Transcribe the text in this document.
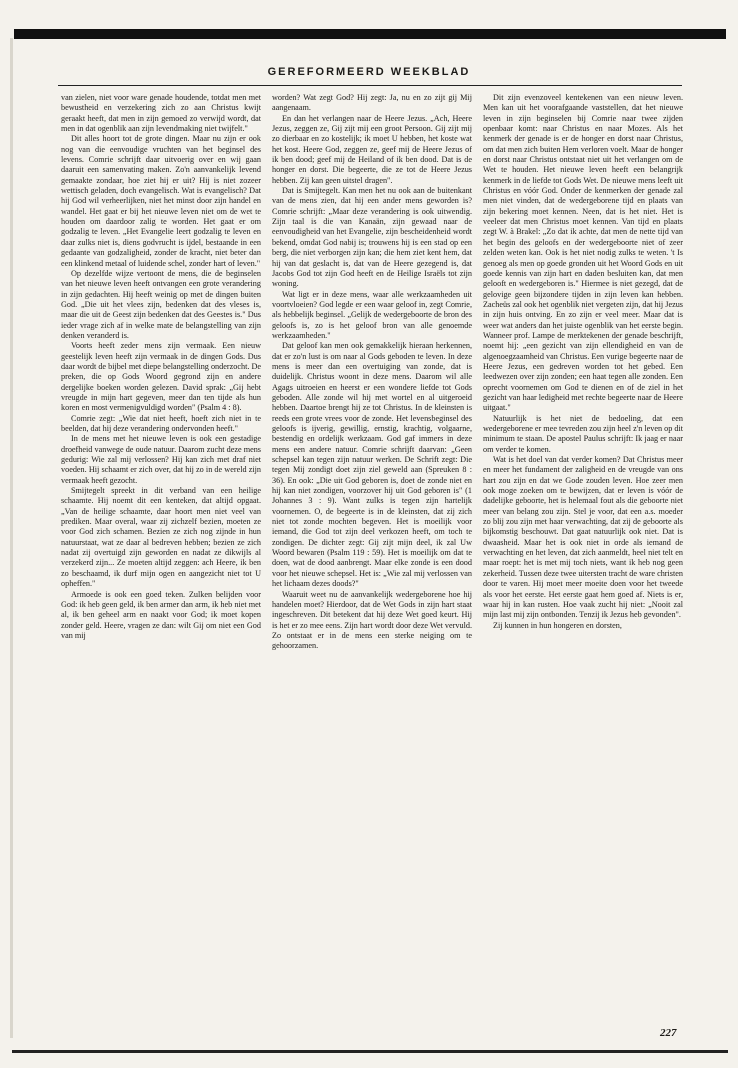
GEREFORMEERD WEEKBLAD

van zielen, niet voor ware genade houdende, totdat men met bewustheid en verzekering zich zo aan Christus kwijt geraakt heeft, dat men in zijn gemoed zo verwijd wordt, dat men in dat ogenblik aan zijn levendmaking niet twijfelt."

Dit alles hoort tot de grote dingen. Maar nu zijn er ook nog van die eenvoudige vruchten van het beginsel des levens. Comrie schrijft daar uitvoerig over en wij gaan daaruit een samenvating maken. Zo'n aanvankelijk levend gemaakte zondaar, hoe ziet hij er uit? Hij is niet zozeer wettisch geladen, doch evangelisch. Wat is evangelisch? Dat hij God wil verheerlijken, niet het minst door zijn handel en wandel. Het gaat er bij het nieuwe leven niet om de wet te houden om daardoor zalig te worden. Het gaat er om godzalig te leven. „Het Evangelie leert godzalig te leven en daar zulks niet is, diens godvrucht is ijdel, bestaande in een gedaante van godzaligheid, zonder de kracht, niet beter dan een klinkend metaal of luidende schel, zonder hart of leven."

Op dezelfde wijze vertoont de mens, die de beginselen van het nieuwe leven heeft ontvangen een grote verandering in zijn gedachten. Hij heeft weinig op met de dingen buiten God. „Die uit het vlees zijn, bedenken dat des vleses is, maar die uit de Geest zijn bedenken dat des Geestes is." Dus ieder vrage zich af in welke mate de belangstelling van zijn denken veranderd is.

Voorts heeft zeder mens zijn vermaak. Een nieuw geestelijk leven heeft zijn vermaak in de dingen Gods. Dus daar wordt de bijbel met diepe belangstelling onderzocht. De preken, die op Gods Woord gegrond zijn en andere dergelijke boeken worden gelezen. David sprak: „Gij hebt vreugde in mijn hart gegeven, meer dan ten tijde als hun koren en most vermenigvuldigd worden" (Psalm 4 : 8).

Comrie zegt: „Wie dat niet heeft, hoeft zich niet in te beelden, dat hij deze verandering ondervonden heeft."

In de mens met het nieuwe leven is ook een gestadige droefheid vanwege de oude natuur. Daarom zucht deze mens gedurig: Wie zal mij verlossen? Hij kan zich met draf niet voeden. Hij schaamt er zich over, dat hij zo in de wereld zijn vermaak heeft gezocht.

Smijtegelt spreekt in dit verband van een heilige schaamte. Hij noemt dit een kenteken, dat altijd opgaat. „Van de heilige schaamte, daar hoort men niet veel van prediken. Maar overal, waar zij zichzelf bezien, moeten ze voor God zich schamen. Bezien ze zich nog zijnde in hun natuurstaat, wat ze daar al bedreven hebben; bezien ze zich nadat zij overtuigd zijn geworden en nadat ze dikwijls al verzekerd zijn... Ze moeten altijd zeggen: ach Heere, ik ben zo beschaamd, ik durf mijn ogen en aangezicht niet tot U opheffen."

Armoede is ook een goed teken. Zulken belijden voor God: ik heb geen geld, ik ben armer dan arm, ik heb niet met al, ik ben geheel arm en naakt voor God; ik moet kopen zonder geld. Heere, vragen ze dan: wilt Gij om niet een God van mij

worden? Wat zegt God? Hij zegt: Ja, nu en zo zijt gij Mij aangenaam.

En dan het verlangen naar de Heere Jezus. „Ach, Heere Jezus, zeggen ze, Gij zijt mij een groot Persoon. Gij zijt mij zo dierbaar en zo kostelijk; ik moet U hebben, het koste wat het kost. Heere God, zeggen ze, geef mij de Heere Jezus of ik ben dood; geef mij de Heiland of ik ben dood. Dat is de honger en dorst. Die begeerte, die ze tot de Heere Jezus hebben. Zij kan geen uitstel dragen".

Dat is Smijtegelt. Kan men het nu ook aan de buitenkant van de mens zien, dat hij een ander mens geworden is? Comrie schrijft: „Maar deze verandering is ook uitwendig. Zijn taal is die van Kanaän, zijn gewaad naar de eenvoudigheid van het Evangelie, zijn bescheidenheid wordt bekend, omdat God nabij is; trouwens hij is een stad op een berg, die niet verborgen zijn kan; die hem ziet kent hem, dat hij van dat geslacht is, dat van de Heere gezegend is, dat Jacobs God tot zijn God heeft en de Heilige Israëls tot zijn woning.

Wat ligt er in deze mens, waar alle werkzaamheden uit voortvloeien? God legde er een waar geloof in, zegt Comrie, als hebbelijk beginsel. „Gelijk de wedergeboorte de bron des geloofs is, zo is het geloof bron van alle genoemde werkzaamheden."

Dat geloof kan men ook gemakkelijk hieraan herkennen, dat er zo'n lust is om naar al Gods geboden te leven. In deze mens is meer dan een overtuiging van zonde, dat is duidelijk. Christus woont in deze mens. Daarom wil alle Agags uitroeien en heerst er een wondere liefde tot Gods geboden. Alle zonde wil hij met wortel en al uitgeroeid hebben. Daartoe brengt hij ze tot Christus. In de kleinsten is reeds een grote vrees voor de zonde. Het levensbeginsel des geloofs is ijverig, gewillig, ernstig, krachtig, volgaarne, bestendig en ordelijk werkzaam. God gaf immers in deze mens een andere natuur. Comrie schrijft daarvan: „Geen schepsel kan tegen zijn natuur werken. De Schrift zegt: Die tegen Mij zondigt doet zijn ziel geweld aan (Spreuken 8 : 36). En ook: „Die uit God geboren is, doet de zonde niet en hij kan niet zondigen, voorzover hij uit God geboren is" (1 Johannes 3 : 9). Want zulks is tegen zijn hartelijk voornemen. O, de begeerte is in de kleinsten, dat zij zich niet tot zonde mochten begeven. Het is moeilijk voor iemand, die God tot zijn deel verkozen heeft, om toch te zondigen. De dichter zegt: Gij zijt mijn deel, ik zal Uw Woord bewaren (Psalm 119 : 59). Het is moeilijk om dat te doen, wat de dood aanbrengt. Maar elke zonde is een dood voor het nieuwe schepsel. Het is: „Wie zal mij verlossen van het lichaam dezes doods?"

Waaruit weet nu de aanvankelijk wedergeborene hoe hij handelen moet? Hierdoor, dat de Wet Gods in zijn hart staat ingeschreven. Dit betekent dat hij deze Wet goed keurt. Hij is het er zo mee eens. Zijn hart wordt door deze Wet vervuld. Zo ontstaat er in de mens een sterke neiging om te gehoorzamen.

Dit zijn evenzoveel kentekenen van een nieuw leven. Men kan uit het voorafgaande vaststellen, dat het nieuwe leven in zijn beginselen bij Comrie naar twee zijden openbaar komt: naar Christus en naar Mozes. Als het kenmerk der genade is er de honger en dorst naar Christus, om dat men zich buiten Hem verloren voelt. Maar de honger en dorst naar Christus ontstaat niet uit het verlangen om de Wet te houden. Het nieuwe leven heeft een belangrijk kenmerk in de liefde tot Gods Wet. De nieuwe mens leeft uit Christus en vóór God. Onder de kenmerken der genade zal men niet vinden, dat de wedergeborene tijd en plaats van zijn bekering moet kennen. Neen, dat is het niet. Het is veeleer dat men Christus moet kennen. Van tijd en plaats zegt W. à Brakel: „Zo dat ik achte, dat men de nette tijd van het begin des geloofs en der wedergeboorte niet of zeer zelden weten kan. Ook is het niet nodig zulks te weten. 't Is genoeg als men op goede gronden uit het Woord Gods en uit goede kennis van zijn hart en daden besluiten kan, dat men gelooft en wedergeboren is." Hiermee is niet gezegd, dat de gelovige geen bijzondere tijden in zijn leven kan hebben. Zacheüs zal ook het ogenblik niet vergeten zijn, dat hij Jezus in zijn huis ontving. En zo zijn er veel meer. Maar dat is weer wat anders dan het juiste ogenblik van het eerste begin. Wanneer prof. Lampe de merktekenen der genade beschrijft, noemt hij: „een gezicht van zijn ellendigheid en van de algenoegzaamheid van Christus. Een vurige begeerte naar de Heere Jezus, een gedreven worden tot het gebed. Een leedwezen over zijn zonden; een haat tegen alle zonden. Een oprecht voornemen om God te dienen en of de ziel in het gezicht van haar ledigheid met rechte begeerte naar de Heere uitgaat."

Natuurlijk is het niet de bedoeling, dat een wedergeborene er mee tevreden zou zijn heel z'n leven op dit minimum te staan. De apostel Paulus schrijft: Ik jaag er naar om verder te komen.

Wat is het doel van dat verder komen? Dat Christus meer en meer het fundament der zaligheid en de vreugde van ons hart zou zijn en dat we Gode zouden leven. Hoe zeer men ook moge zoeken om te bewijzen, dat er leven is vóór de dadelijke geboorte, het is helemaal fout als die geboorte niet meer van belang zou zijn. Stel je voor, dat een a.s. moeder zo blij zou zijn met haar verwachting, dat zij de geboorte als bijkomstig beschouwt. Dat gaat natuurlijk ook niet. Dat is dwaasheid. Maar het is ook niet in orde als iemand de verwachting en het leven, dat zich aanmeldt, heel niet telt en maar roept: het is met mij toch niets, want ik heb nog geen zekerheid. Tussen deze twee uitersten tracht de ware christen door te varen. Hij moet meer moeite doen voor het tweede als voor het eerste. Het eerste gaat hem goed af. Niets is er, waar hij in kan rusten. Hoe vaak zucht hij niet: „Nooit zal mijn last mij zijn ontbonden. Tenzij ik Jezus heb gevonden".

Zij kunnen in hun hongeren en dorsten,

227
